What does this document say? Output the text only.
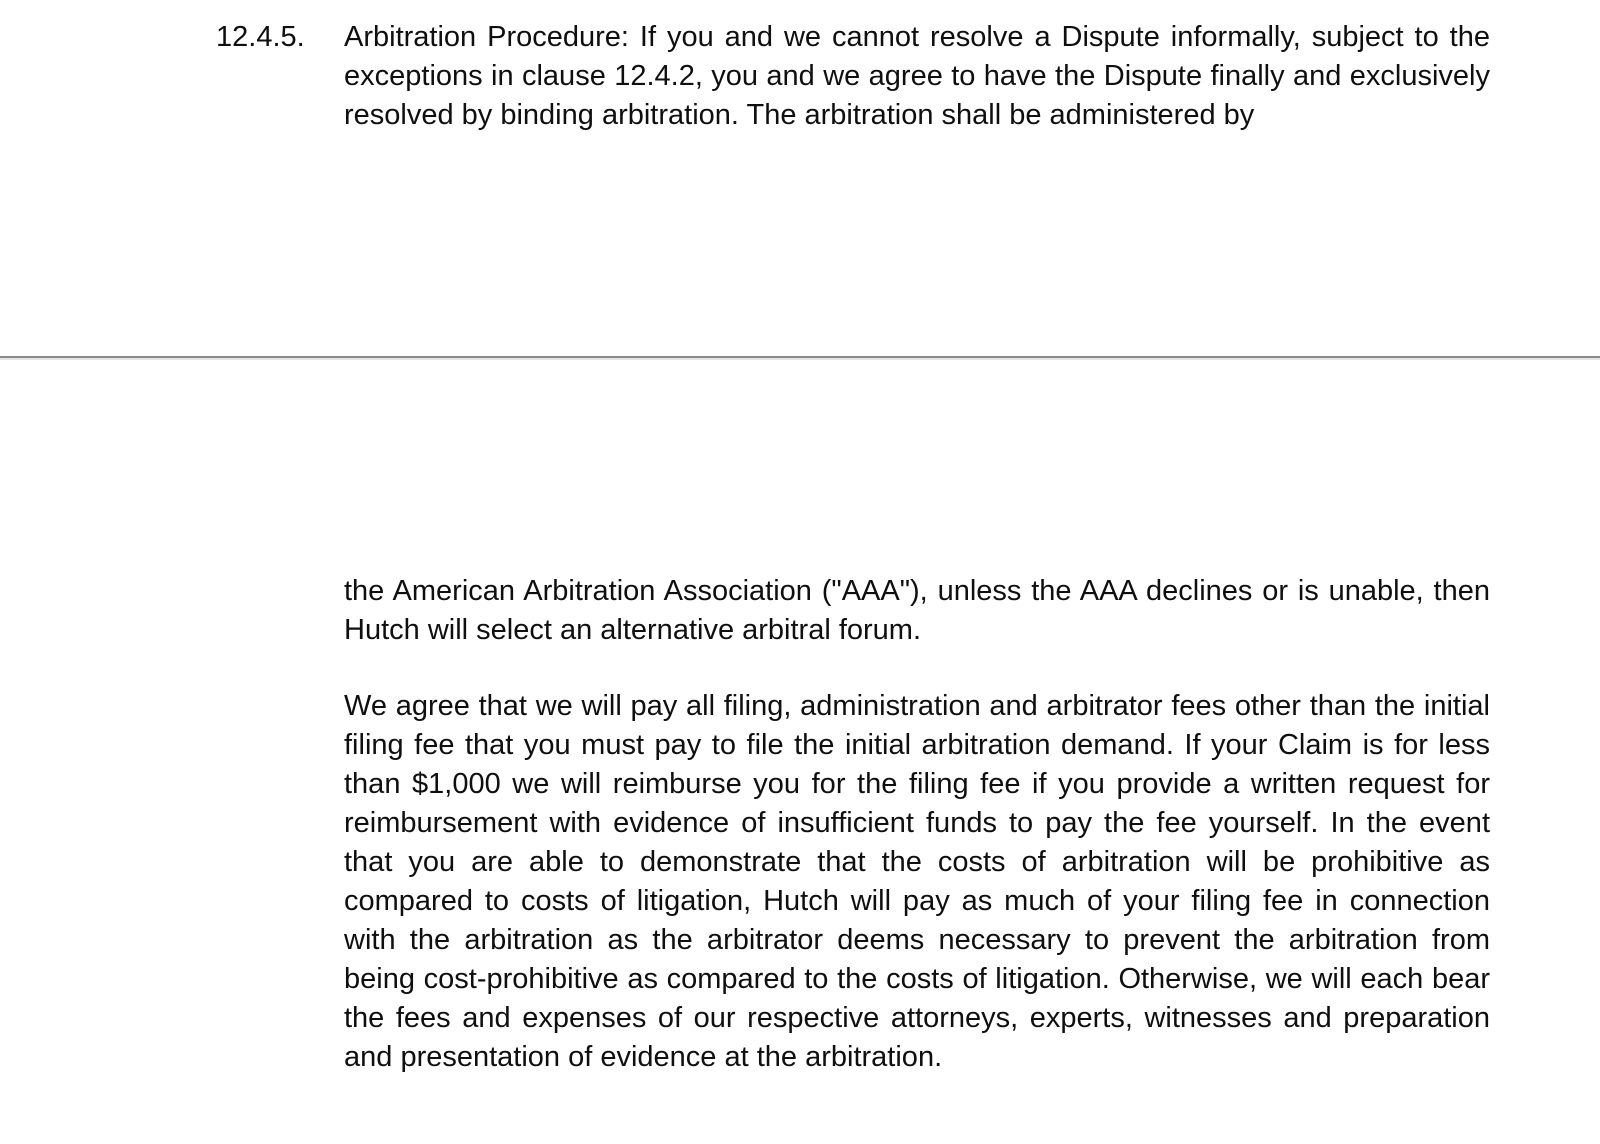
12.4.5. Arbitration Procedure: If you and we cannot resolve a Dispute informally, subject to the exceptions in clause 12.4.2, you and we agree to have the Dispute finally and exclusively resolved by binding arbitration. The arbitration shall be administered by

the American Arbitration Association ("AAA"), unless the AAA declines or is unable, then Hutch will select an alternative arbitral forum.

We agree that we will pay all filing, administration and arbitrator fees other than the initial filing fee that you must pay to file the initial arbitration demand. If your Claim is for less than $1,000 we will reimburse you for the filing fee if you provide a written request for reimbursement with evidence of insufficient funds to pay the fee yourself. In the event that you are able to demonstrate that the costs of arbitration will be prohibitive as compared to costs of litigation, Hutch will pay as much of your filing fee in connection with the arbitration as the arbitrator deems necessary to prevent the arbitration from being cost-prohibitive as compared to the costs of litigation. Otherwise, we will each bear the fees and expenses of our respective attorneys, experts, witnesses and preparation and presentation of evidence at the arbitration.
